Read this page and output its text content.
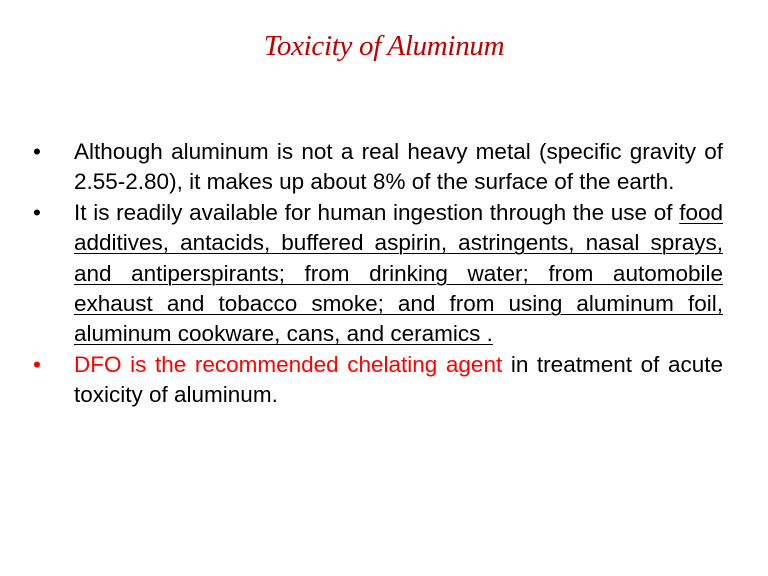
Toxicity of Aluminum
•	Although aluminum is not a real heavy metal (specific gravity of 2.55-2.80), it makes up about 8% of the surface of the earth.
•	It is readily available for human ingestion through the use of food additives, antacids, buffered aspirin, astringents, nasal sprays, and antiperspirants; from drinking water; from automobile exhaust and tobacco smoke; and from using aluminum foil, aluminum cookware, cans, and ceramics .
•	DFO is the recommended chelating agent in treatment of acute toxicity of aluminum.
